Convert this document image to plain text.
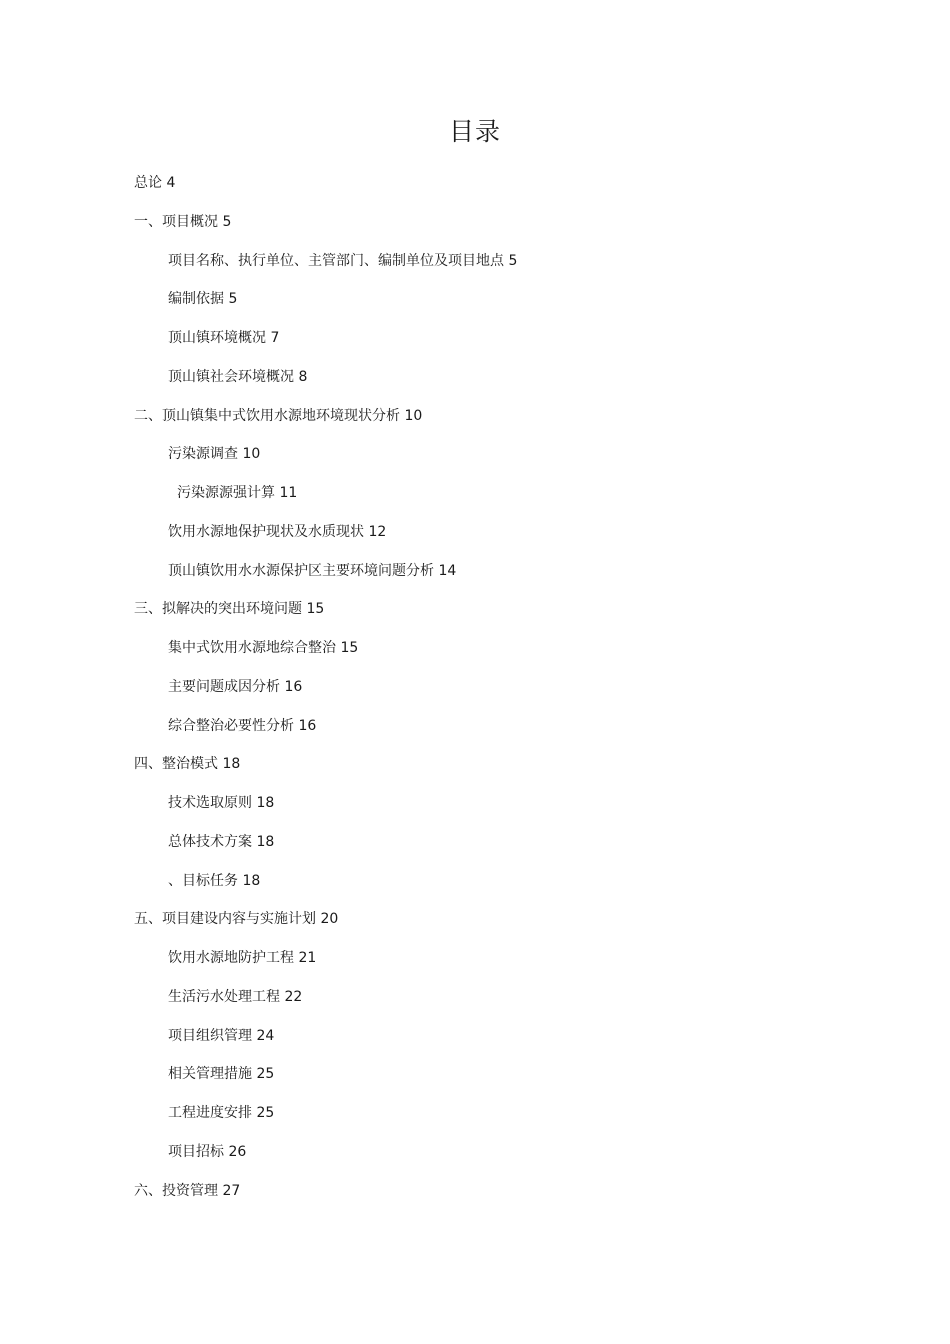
目录
总论 4
一、项目概况 5
项目名称、执行单位、主管部门、编制单位及项目地点 5
编制依据 5
顶山镇环境概况 7
顶山镇社会环境概况 8
二、顶山镇集中式饮用水源地环境现状分析 10
污染源调查 10
污染源源强计算 11
饮用水源地保护现状及水质现状 12
顶山镇饮用水水源保护区主要环境问题分析 14
三、拟解决的突出环境问题 15
集中式饮用水源地综合整治 15
主要问题成因分析 16
综合整治必要性分析 16
四、整治模式 18
技术选取原则 18
总体技术方案 18
、目标任务 18
五、项目建设内容与实施计划 20
饮用水源地防护工程 21
生活污水处理工程 22
项目组织管理 24
相关管理措施 25
工程进度安排 25
项目招标 26
六、投资管理 27
